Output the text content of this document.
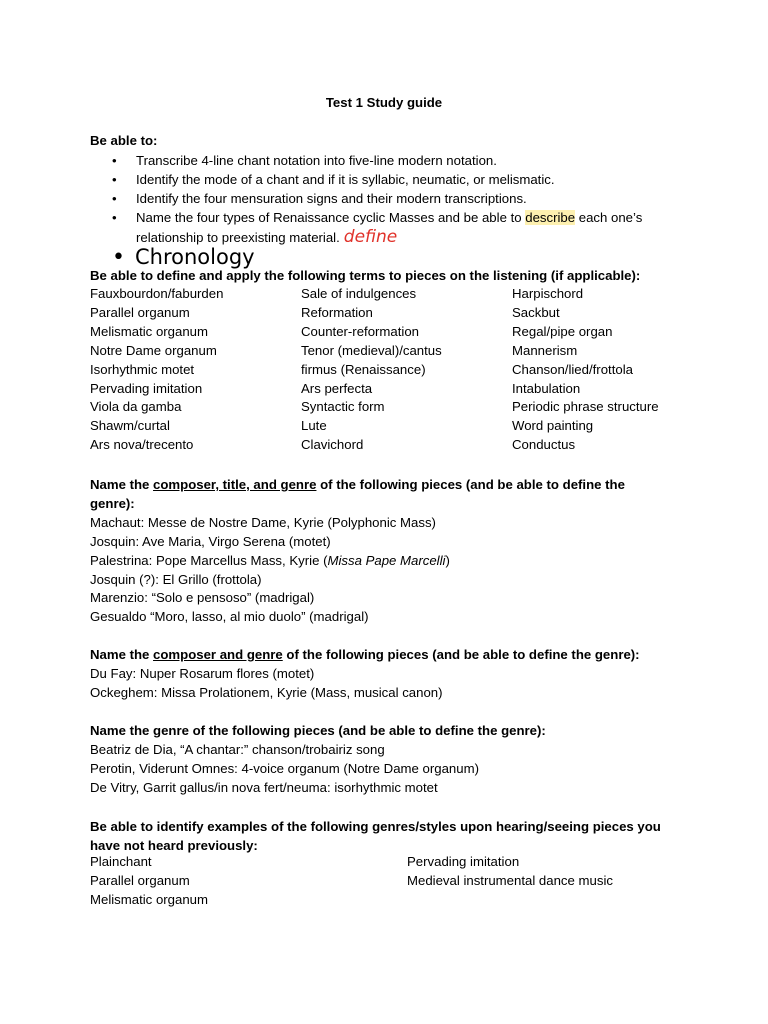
Test 1 Study guide
Be able to:
• Transcribe 4-line chant notation into five-line modern notation.
• Identify the mode of a chant and if it is syllabic, neumatic, or melismatic.
• Identify the four mensuration signs and their modern transcriptions.
• Name the four types of Renaissance cyclic Masses and be able to describe each one’s
relationship to preexisting material. define
• Chronology
Be able to define and apply the following terms to pieces on the listening (if applicable):
Fauxbourdon/faburden
Parallel organum
Melismatic organum
Notre Dame organum
Isorhythmic motet
Pervading imitation
Viola da gamba
Shawm/curtal
Ars nova/trecento
Sale of indulgences
Reformation
Counter-reformation
Tenor (medieval)/cantus
firmus (Renaissance)
Ars perfecta
Syntactic form
Lute
Clavichord
Harpischord
Sackbut
Regal/pipe organ
Mannerism
Chanson/lied/frottola
Intabulation
Periodic phrase structure
Word painting
Conductus
Name the composer, title, and genre of the following pieces (and be able to define the
genre):
Machaut: Messe de Nostre Dame, Kyrie (Polyphonic Mass)
Josquin: Ave Maria, Virgo Serena (motet)
Palestrina: Pope Marcellus Mass, Kyrie (Missa Pape Marcelli)
Josquin (?): El Grillo (frottola)
Marenzio: “Solo e pensoso” (madrigal)
Gesualdo “Moro, lasso, al mio duolo” (madrigal)
Name the composer and genre of the following pieces (and be able to define the genre):
Du Fay: Nuper Rosarum flores (motet)
Ockeghem: Missa Prolationem, Kyrie (Mass, musical canon)
Name the genre of the following pieces (and be able to define the genre):
Beatriz de Dia, “A chantar:” chanson/trobairiz song
Perotin, Viderunt Omnes: 4-voice organum (Notre Dame organum)
De Vitry, Garrit gallus/in nova fert/neuma: isorhythmic motet
Be able to identify examples of the following genres/styles upon hearing/seeing pieces you
have not heard previously:
Plainchant
Parallel organum
Melismatic organum
Pervading imitation
Medieval instrumental dance music
